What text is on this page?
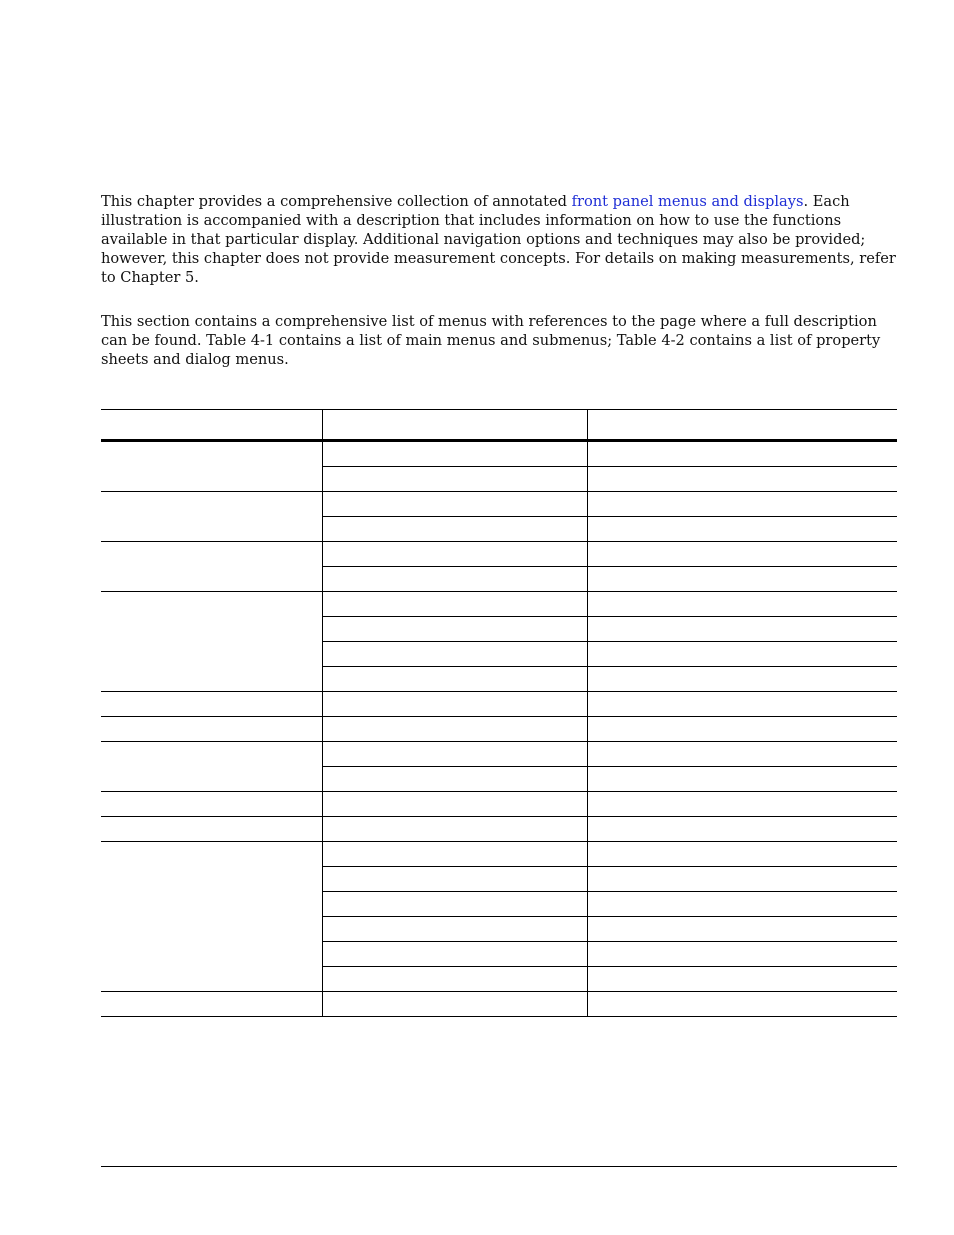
This chapter provides a comprehensive collection of annotated front panel menus and displays. Each illustration is accompanied with a description that includes information on how to use the functions available in that particular display. Additional navigation options and techniques may also be provided; however, this chapter does not provide measurement concepts. For details on making measurements, refer to Chapter 5.

This section contains a comprehensive list of menus with references to the page where a full description can be found. Table 4-1 contains a list of main menus and submenus; Table 4-2 contains a list of property sheets and dialog menus.
